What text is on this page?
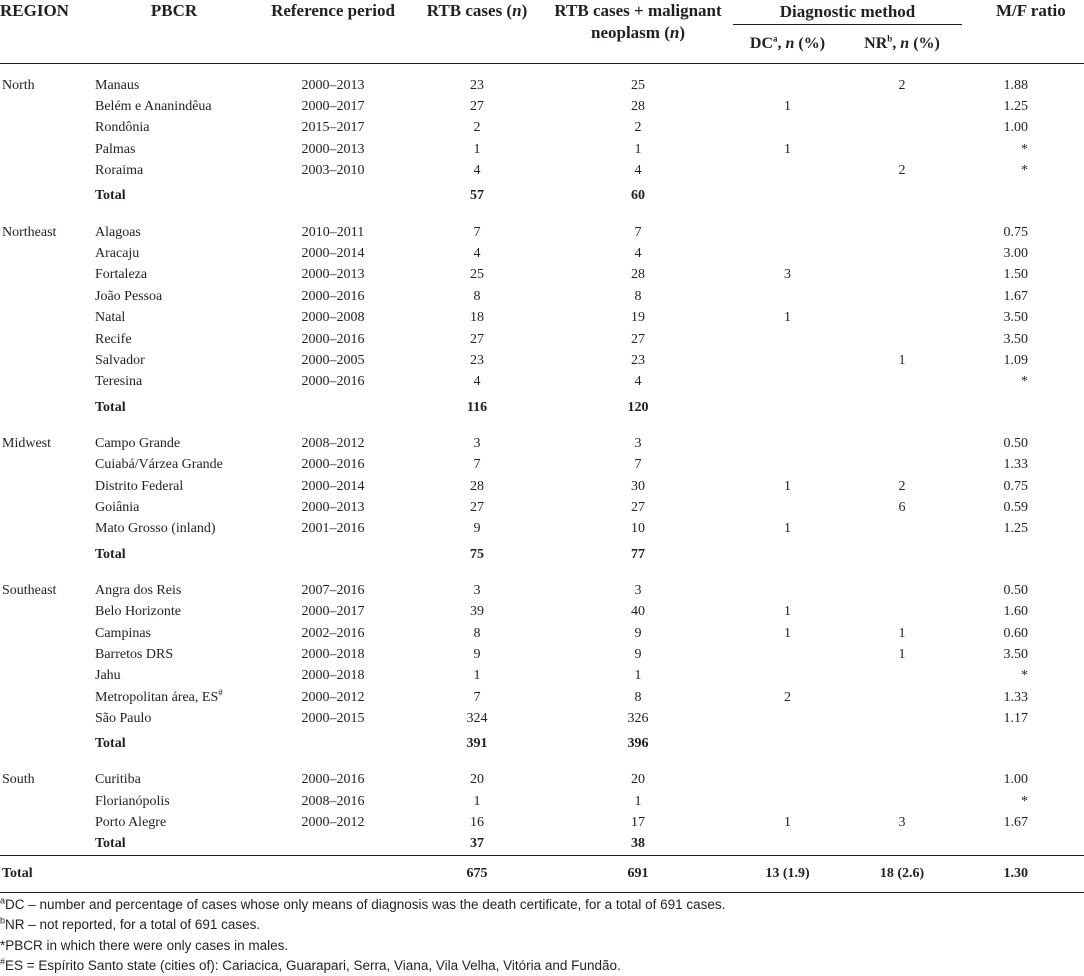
REGION	PBCR	Reference period	RTB cases (n)	RTB cases + malignant
neoplasm (n)	Diagnostic method		M/F ratio
					$DC^a$, n (%)	$NR^b$, n (%)	
North	Manaus	2000–2013	23	25		2	1.88
	Belém e Ananindêua	2000–2017	27	28	1		1.25
	Rondônia	2015–2017	2	2			1.00
	Palmas	2000–2013	1	1	1		*
	Roraima	2003–2010	4	4		2	*
	Total		57	60			
Northeast	Alagoas	2010–2011	7	7			0.75
	Aracaju	2000–2014	4	4			3.00
	Fortaleza	2000–2013	25	28	3		1.50
	João Pessoa	2000–2016	8	8			1.67
	Natal	2000–2008	18	19	1		3.50
	Recife	2000–2016	27	27			3.50
	Salvador	2000–2005	23	23		1	1.09
	Teresina	2000–2016	4	4			*
	Total		116	120			
Midwest	Campo Grande	2008–2012	3	3			0.50
	Cuiabá/Várzea Grande	2000–2016	7	7			1.33
	Distrito Federal	2000–2014	28	30	1	2	0.75
	Goiânia	2000–2013	27	27		6	0.59
	Mato Grosso (inland)	2001–2016	9	10	1		1.25
	Total		75	77			
Southeast	Angra dos Reis	2007–2016	3	3			0.50
	Belo Horizonte	2000–2017	39	40	1		1.60
	Campinas	2002–2016	8	9	1	1	0.60
	Barretos DRS	2000–2018	9	9		1	3.50
	Jahu	2000–2018	1	1			*
	Metropolitan área, ES#	2000–2012	7	8	2		1.33
	São Paulo	2000–2015	324	326			1.17
	Total		391	396			
South	Curitiba	2000–2016	20	20			1.00
	Florianópolis	2008–2016	1	1			*
	Porto Alegre	2000–2012	16	17	1	3	1.67
	Total		37	38			
Total			675	691	13 (1.9)	18 (2.6)	1.30
$^a$DC – number and percentage of cases whose only means of diagnosis was the death certificate, for a total of 691 cases.
$^b$NR – not reported, for a total of 691 cases.
*PBCR in which there were only cases in males.
#ES = Espírito Santo state (cities of): Cariacica, Guarapari, Serra, Viana, Vila Velha, Vitória and Fundão.
